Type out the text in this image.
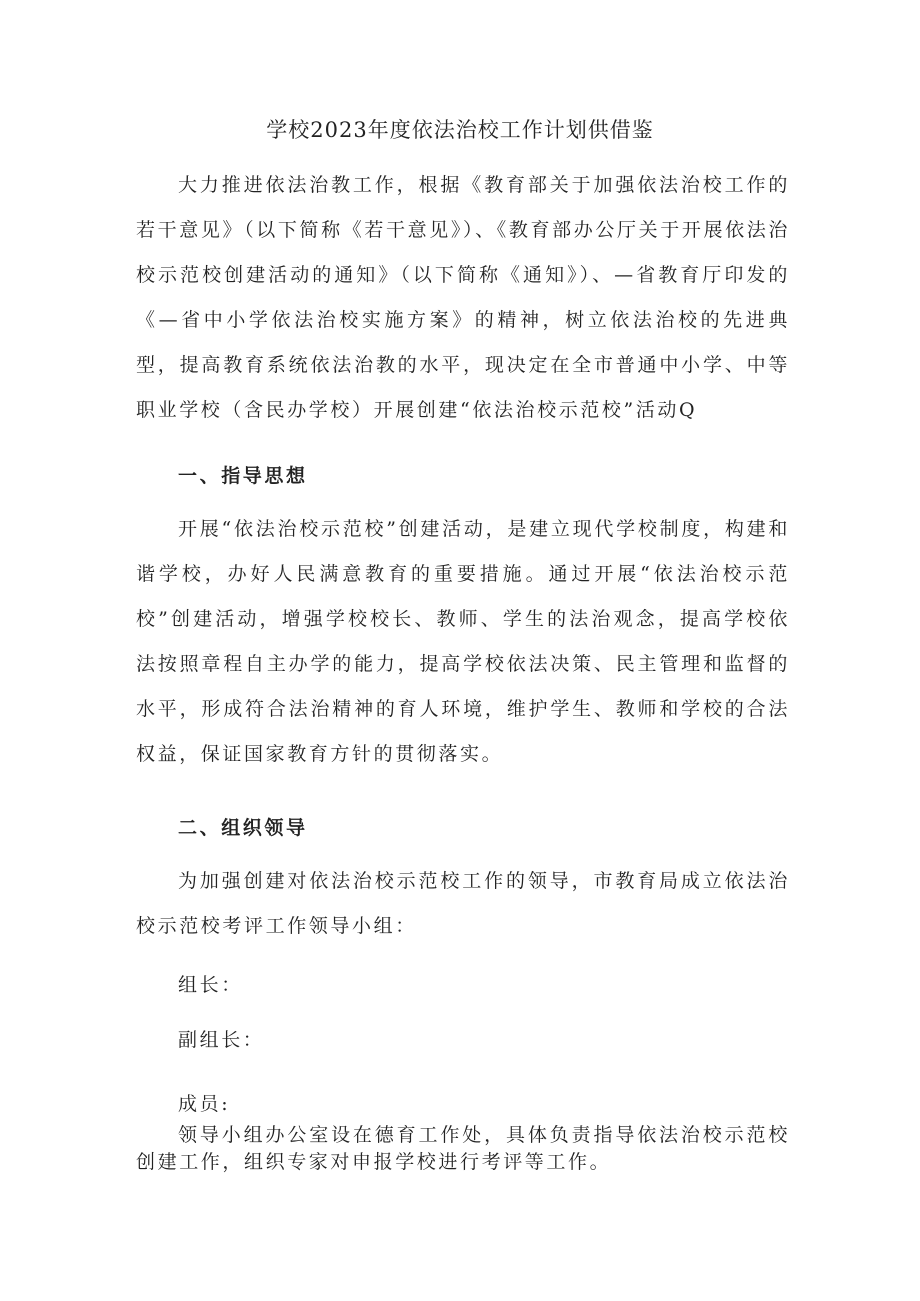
学校2023年度依法治校工作计划供借鉴

大力推进依法治教工作，根据《教育部关于加强依法治校工作的若干意见》（以下简称《若干意见》）、《教育部办公厅关于开展依法治校示范校创建活动的通知》（以下简称《通知》）、—省教育厅印发的《—省中小学依法治校实施方案》的精神，树立依法治校的先进典型，提高教育系统依法治教的水平，现决定在全市普通中小学、中等职业学校（含民办学校）开展创建“依法治校示范校”活动Q

一、指导思想

开展“依法治校示范校”创建活动，是建立现代学校制度，构建和谐学校，办好人民满意教育的重要措施。通过开展“依法治校示范校”创建活动，增强学校校长、教师、学生的法治观念，提高学校依法按照章程自主办学的能力，提高学校依法决策、民主管理和监督的水平，形成符合法治精神的育人环境，维护学生、教师和学校的合法权益，保证国家教育方针的贯彻落实。

二、组织领导

为加强创建对依法治校示范校工作的领导，市教育局成立依法治校示范校考评工作领导小组：

组长：
副组长：
成员:

领导小组办公室设在德育工作处，具体负责指导依法治校示范校创建工作，组织专家对申报学校进行考评等工作。
